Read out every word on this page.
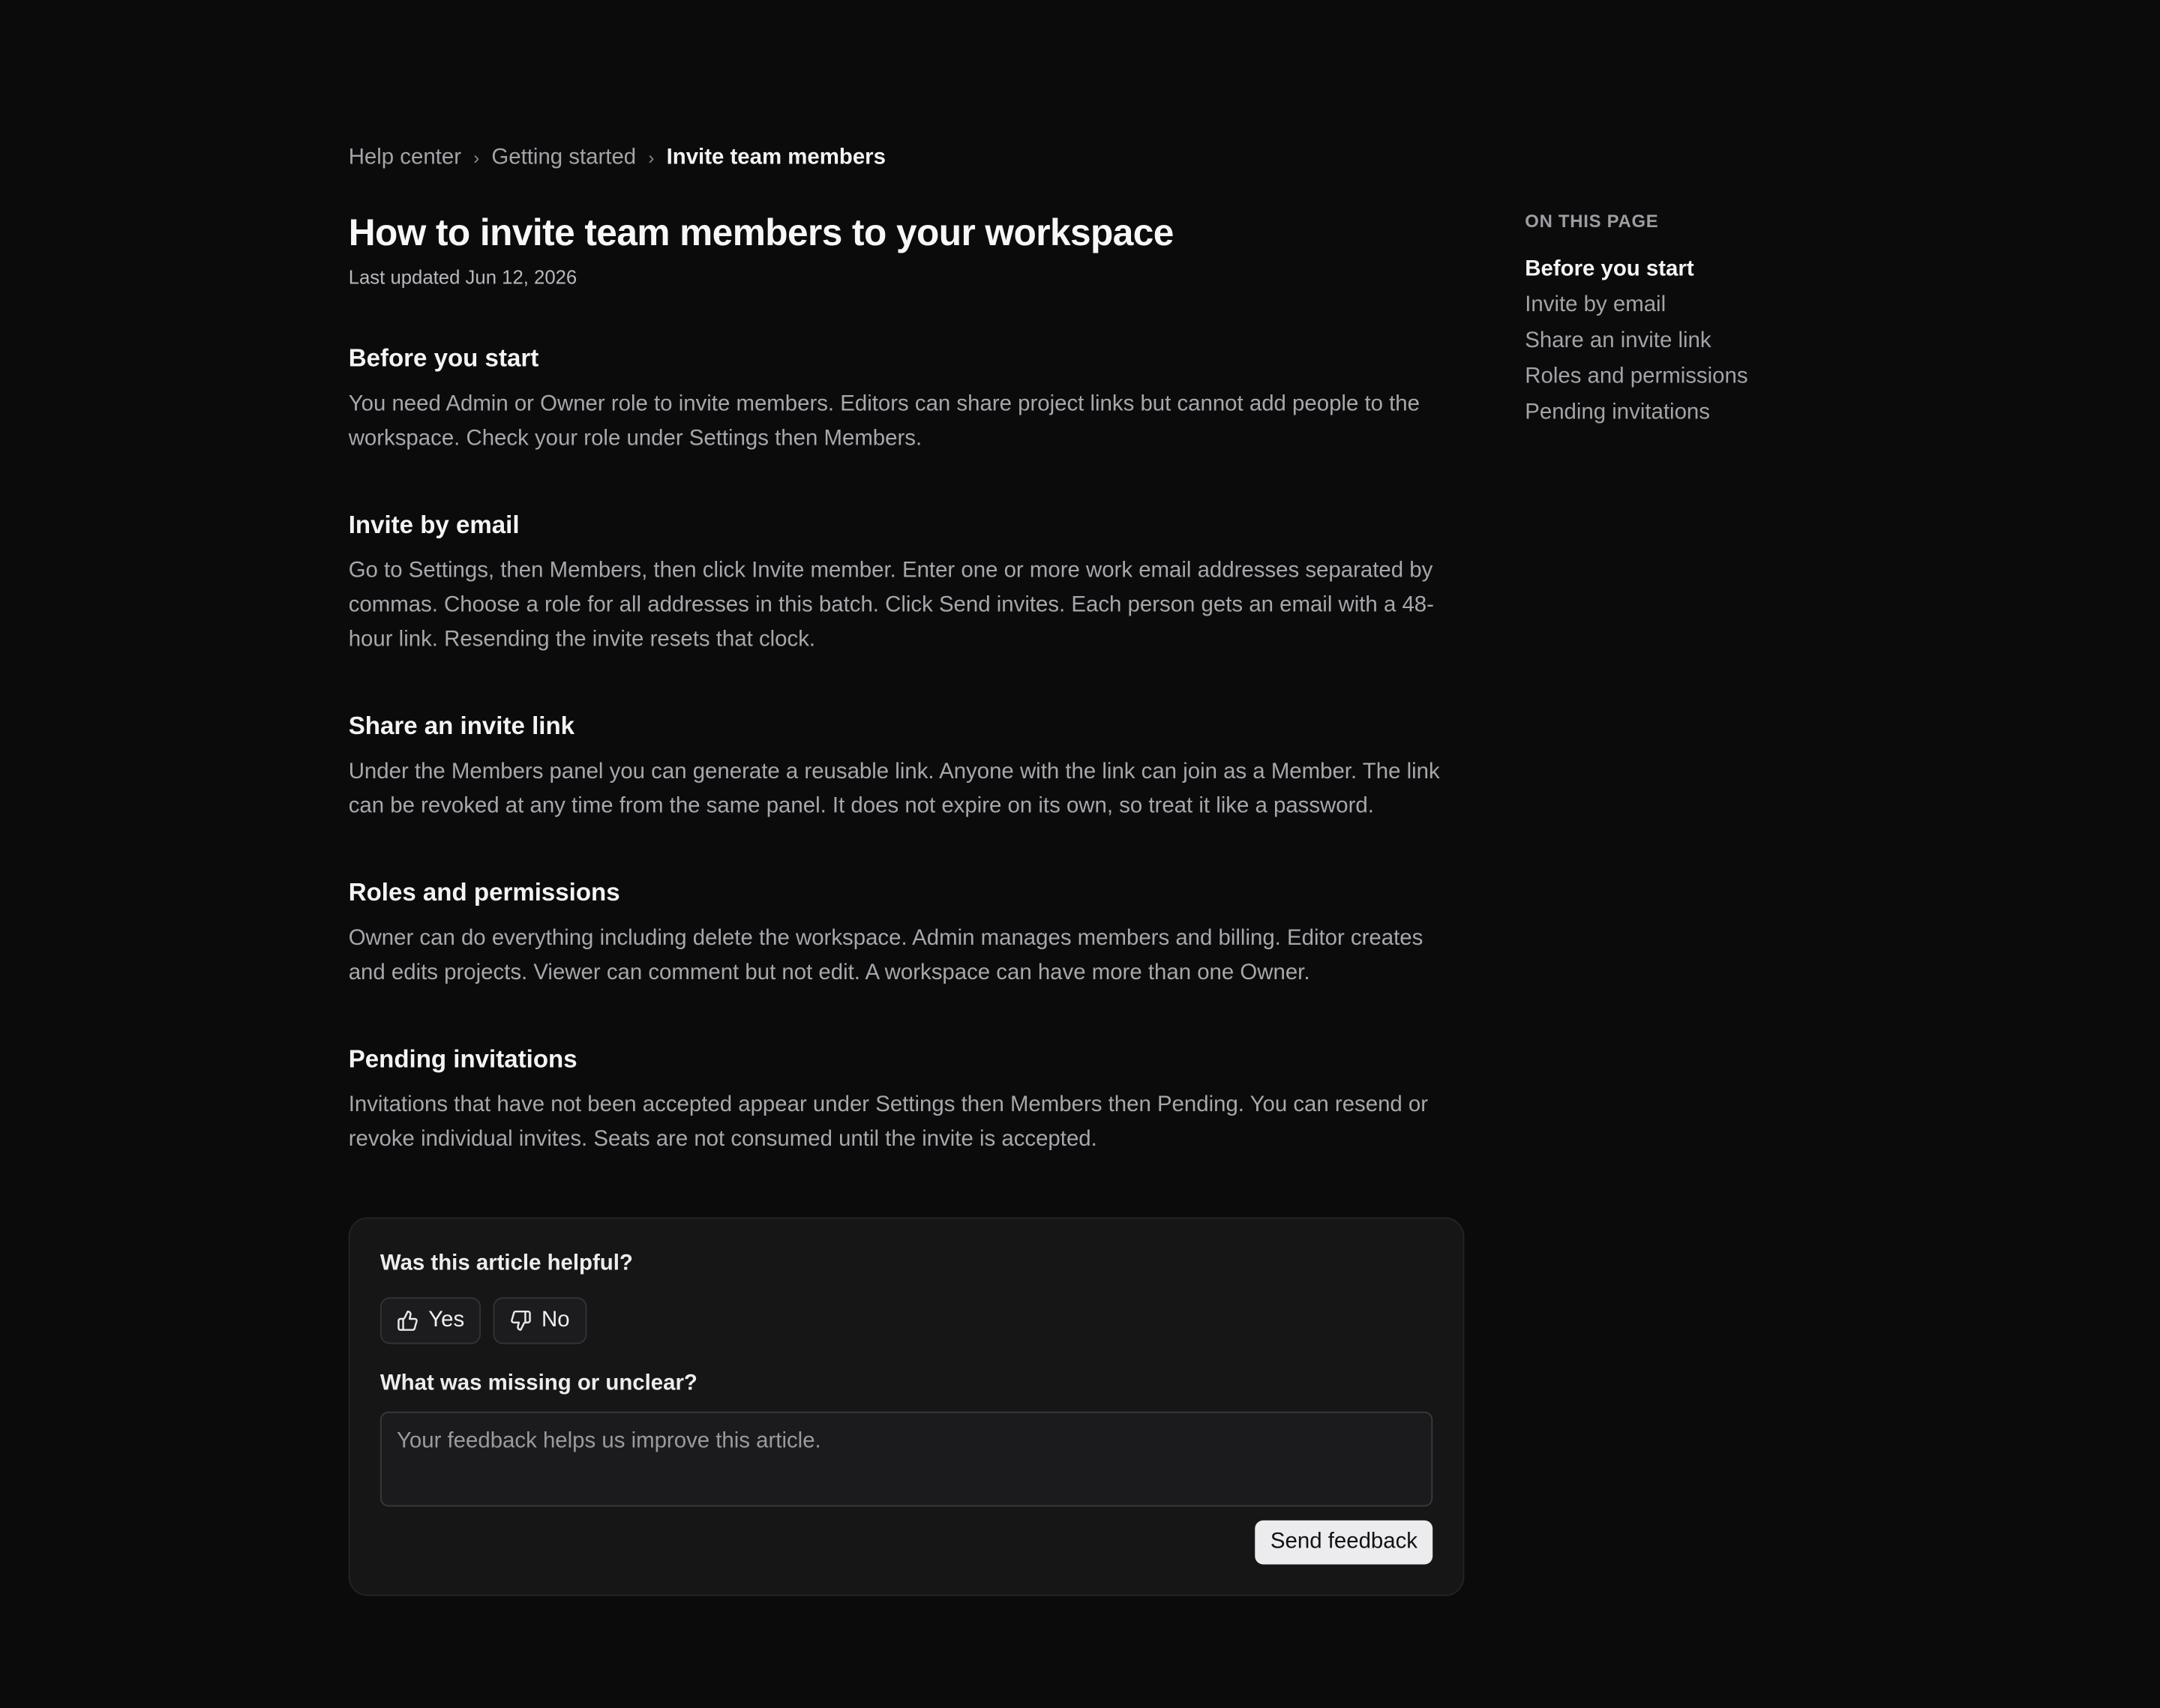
Help center	›	Getting started	›	Invite team members
How to invite team members to your workspace
Last updated Jun 12, 2026
Before you start

You need Admin or Owner role to invite members. Editors can share project links but cannot add people to the workspace. Check your role under Settings then Members.

Invite by email

Go to Settings, then Members, then click Invite member. Enter one or more work email addresses separated by commas. Choose a role for all addresses in this batch. Click Send invites. Each person gets an email with a 48-hour link. Resending the invite resets that clock.

Share an invite link

Under the Members panel you can generate a reusable link. Anyone with the link can join as a Member. The link can be revoked at any time from the same panel. It does not expire on its own, so treat it like a password.

Roles and permissions

Owner can do everything including delete the workspace. Admin manages members and billing. Editor creates and edits projects. Viewer can comment but not edit. A workspace can have more than one Owner.

Pending invitations

Invitations that have not been accepted appear under Settings then Members then Pending. You can resend or revoke individual invites. Seats are not consumed until the invite is accepted.

Was this article helpful?
Yes	No
What was missing or unclear?
Your feedback helps us improve this article.
Send feedback
ON THIS PAGE
Before you start
Invite by email
Share an invite link
Roles and permissions
Pending invitations
